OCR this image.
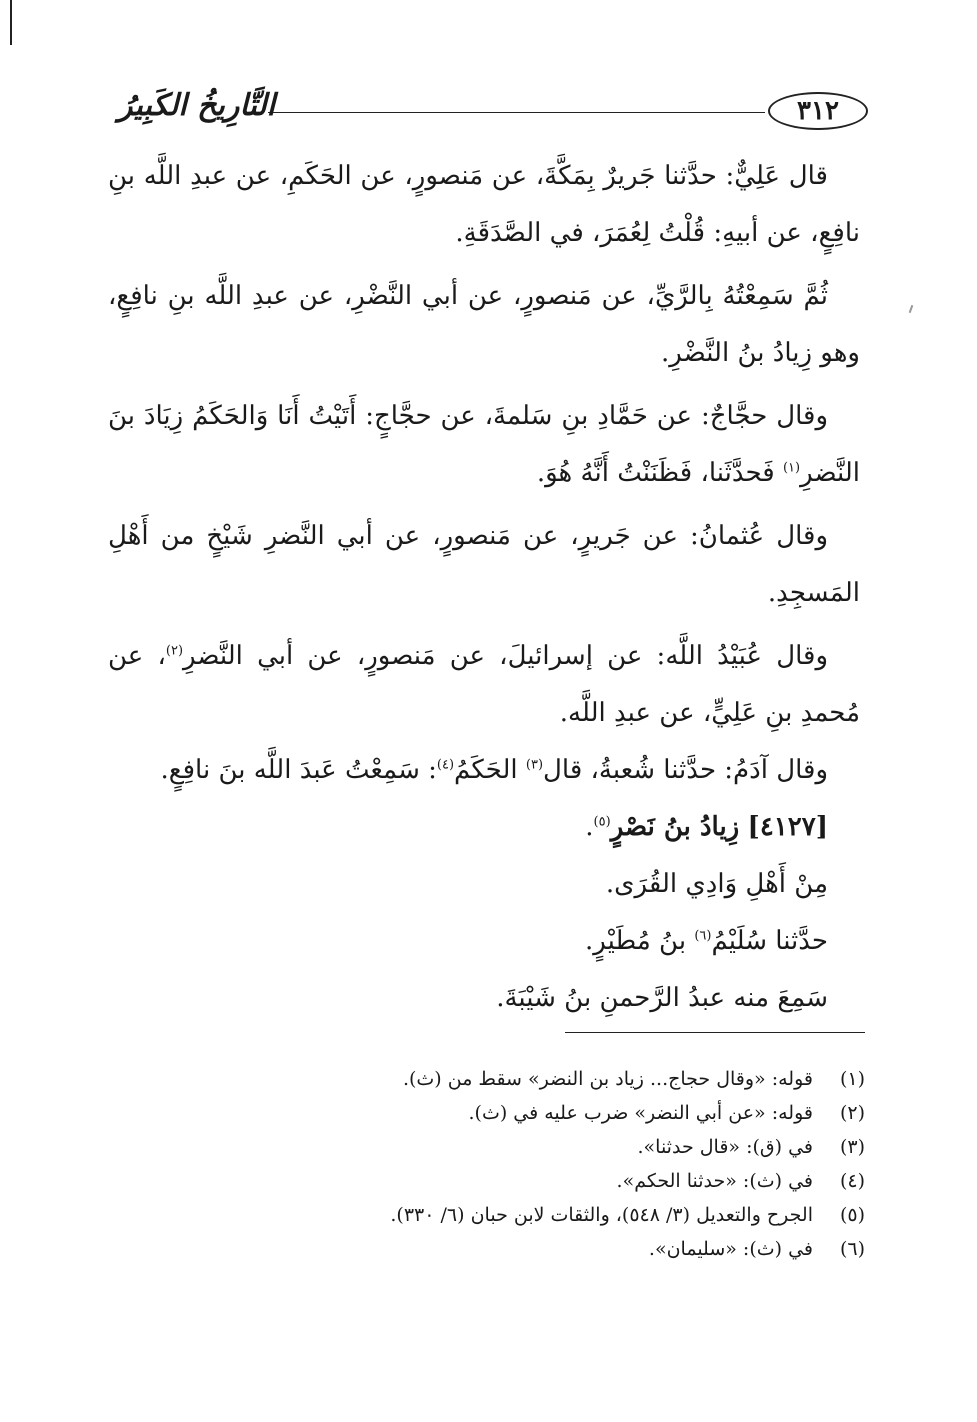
٣١٢
التَّارِيخُ الكَبِيرُ

قال عَلِيٌّ: حدَّثنا جَريرٌ بِمَكَّةَ، عن مَنصورٍ، عن الحَكَمِ، عن عبدِ اللَّه بنِ نافِعٍ، عن أبيهِ: قُلْتُ لِعُمَرَ، في الصَّدَقَةِ.

ثُمَّ سَمِعْتُهُ بِالرَّيِّ، عن مَنصورٍ، عن أبي النَّضْرِ، عن عبدِ اللَّه بنِ نافِعٍ، وهو زِيادُ بنُ النَّضْرِ.

وقال حجَّاجٌ: عن حَمَّادِ بنِ سَلمةَ، عن حجَّاجٍ: أَتَيْتُ أَنَا وَالحَكَمُ زِيَادَ بنَ النَّضرِ$^{(١)}$ فَحدَّثَنا، فَظَنَنْتُ أَنَّهُ هُوَ.

وقال عُثمانُ: عن جَريرٍ، عن مَنصورٍ، عن أبي النَّضرِ شَيْخٍ من أَهْلِ المَسجِدِ.

وقال عُبَيْدُ اللَّه: عن إسرائيلَ، عن مَنصورٍ، عن أبي النَّضرِ$^{(٢)}$، عن مُحمدِ بنِ عَلِيٍّ، عن عبدِ اللَّه.

وقال آدَمُ: حدَّثنا شُعبةُ، قال$^{(٣)}$ الحَكَمُ$^{(٤)}$: سَمِعْتُ عَبدَ اللَّه بنَ نافِعٍ.

[٤١٢٧] زِيادُ بنُ نَصْرٍ$^{(٥)}$.

مِنْ أَهْلِ وَادِي القُرَى.

حدَّثنا سُلَيْمُ$^{(٦)}$ بنُ مُطَيْرٍ.

سَمِعَ منه عبدُ الرَّحمنِ بنُ شَيْبَةَ.

(١)
قوله: «وقال حجاج... زياد بن النضر» سقط من (ث).
(٢)
قوله: «عن أبي النضر» ضرب عليه في (ث).
(٣)
في (ق): «قال حدثنا».
(٤)
في (ث): «حدثنا الحكم».
(٥)
الجرح والتعديل (٣/ ٥٤٨)، والثقات لابن حبان (٦/ ٣٣٠).
(٦)
في (ث): «سليمان».
